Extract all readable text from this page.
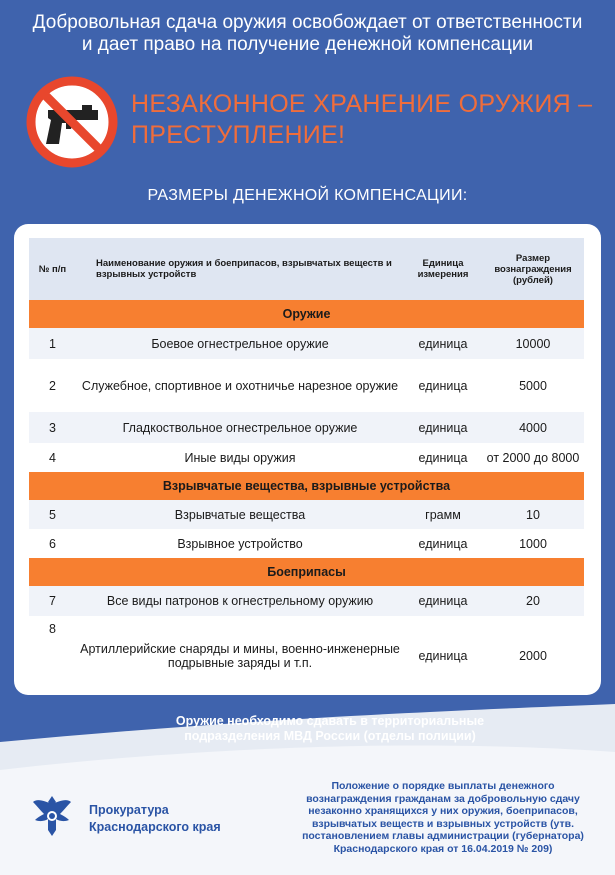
Добровольная сдача оружия освобождает от ответственности
и дает право на получение денежной компенсации
НЕЗАКОННОЕ ХРАНЕНИЕ ОРУЖИЯ –
ПРЕСТУПЛЕНИЕ!
РАЗМЕРЫ ДЕНЕЖНОЙ КОМПЕНСАЦИИ:
№ п/п	Наименование оружия и боеприпасов, взрывчатых веществ и взрывных устройств	Единица измерения	Размер вознаграждения (рублей)
Оружие			
1	Боевое огнестрельное оружие	единица	10000
2	Служебное, спортивное и охотничье нарезное оружие	единица	5000
3	Гладкоствольное огнестрельное оружие	единица	4000
4	Иные виды оружия	единица	от 2000 до 8000
Взрывчатые вещества, взрывные устройства			
5	Взрывчатые вещества	грамм	10
6	Взрывное устройство	единица	1000
Боеприпасы			
7	Все виды патронов к огнестрельному оружию	единица	20
8	Артиллерийские снаряды и мины, военно-инженерные подрывные заряды и т.п.	единица	2000
Оружие необходимо сдавать в территориальные подразделения МВД России (отделы полиции)
Прокуратура
Краснодарского края
Положение о порядке выплаты денежного вознаграждения гражданам за добровольную сдачу незаконно хранящихся у них оружия, боеприпасов, взрывчатых веществ и взрывных устройств (утв. постановлением главы администрации (губернатора) Краснодарского края от 16.04.2019 № 209)
